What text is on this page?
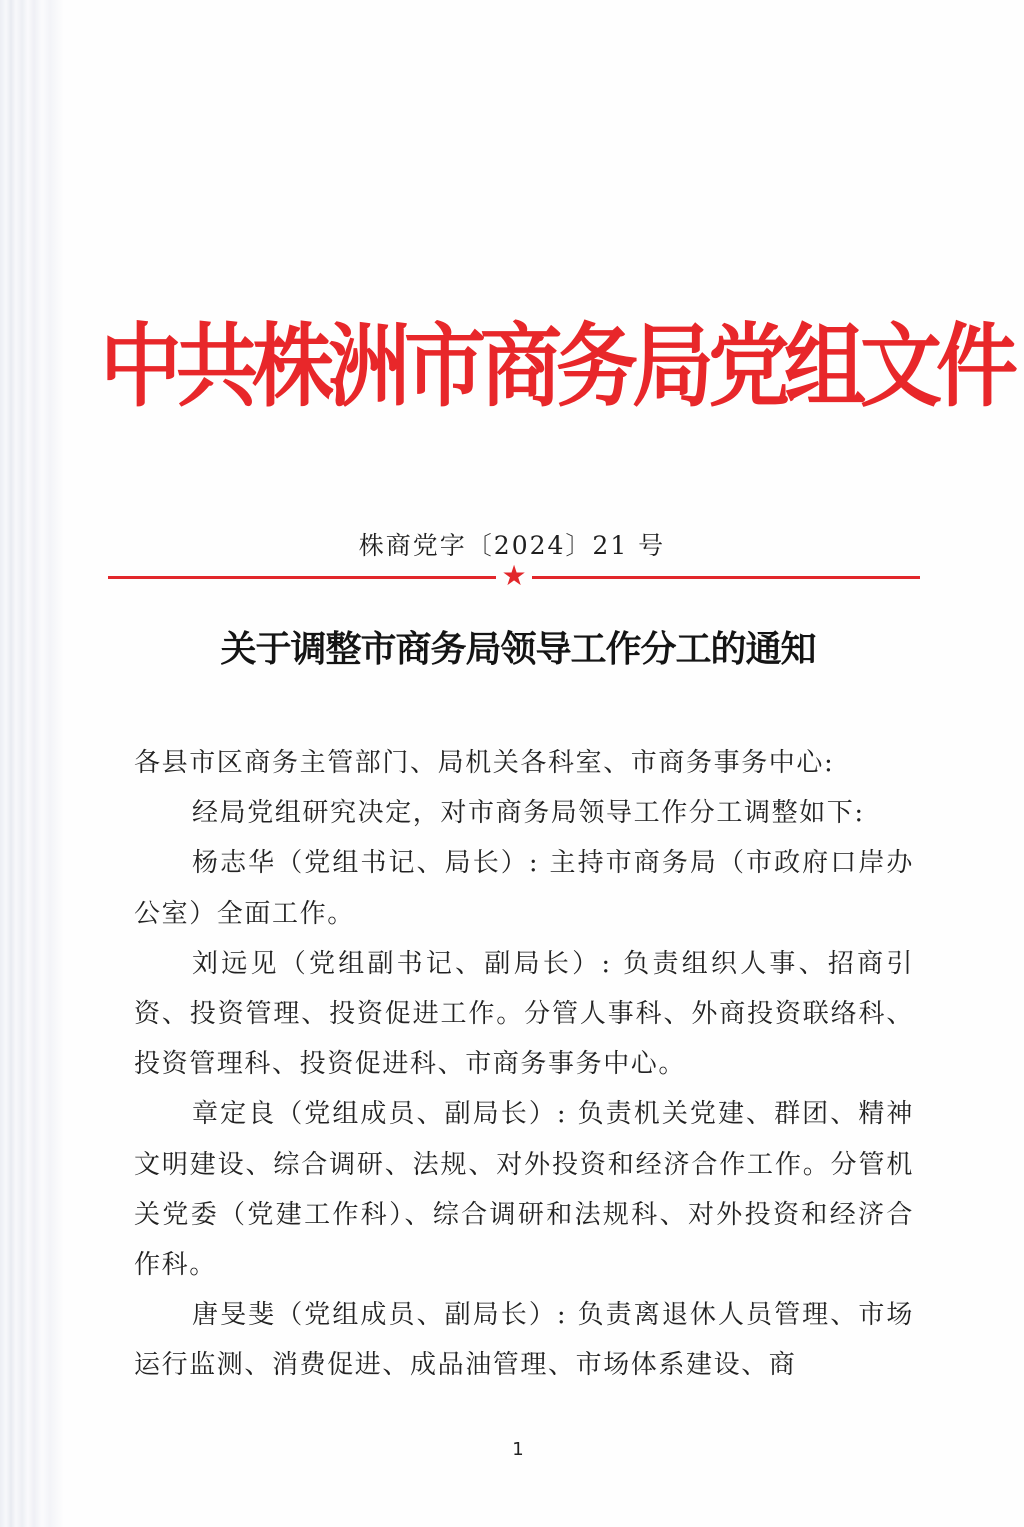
中共株洲市商务局党组文件
株商党字〔2024〕21 号
★
关于调整市商务局领导工作分工的通知

各县市区商务主管部门、局机关各科室、市商务事务中心:

经局党组研究决定，对市商务局领导工作分工调整如下:

杨志华（党组书记、局长）: 主持市商务局（市政府口岸办公室）全面工作。

刘远见（党组副书记、副局长）: 负责组织人事、招商引资、投资管理、投资促进工作。分管人事科、外商投资联络科、投资管理科、投资促进科、市商务事务中心。

章定良（党组成员、副局长）: 负责机关党建、群团、精神文明建设、综合调研、法规、对外投资和经济合作工作。分管机关党委（党建工作科）、综合调研和法规科、对外投资和经济合作科。

唐旻斐（党组成员、副局长）: 负责离退休人员管理、市场运行监测、消费促进、成品油管理、市场体系建设、商

1
